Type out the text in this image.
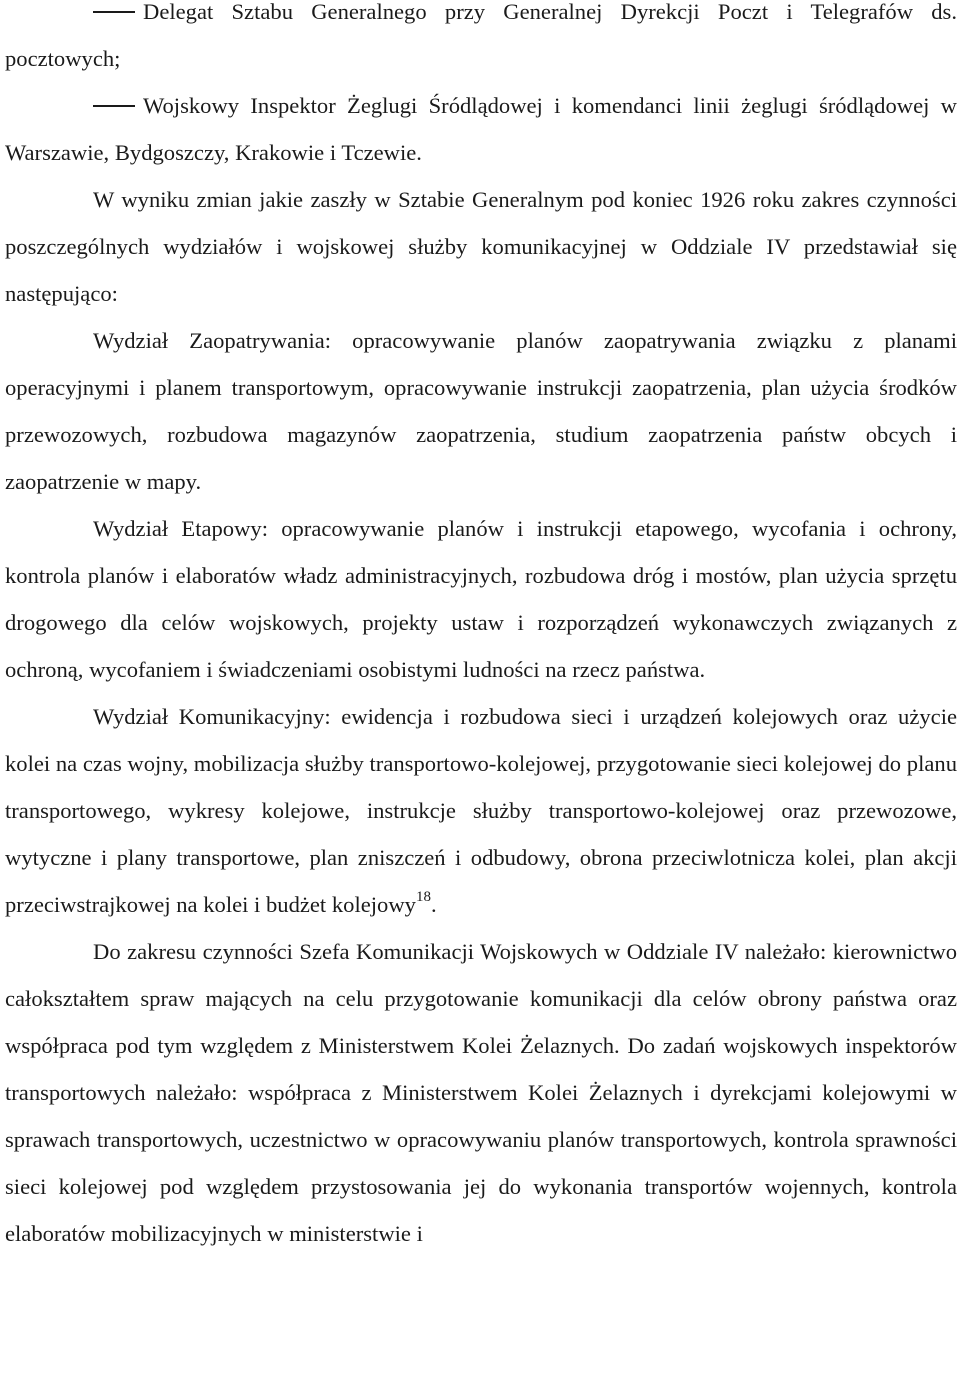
Delegat Sztabu Generalnego przy Generalnej Dyrekcji Poczt i Telegrafów ds. pocztowych;

Wojskowy Inspektor Żeglugi Śródlądowej i komendanci linii żeglugi śródlądowej w Warszawie, Bydgoszczy, Krakowie i Tczewie.

W wyniku zmian jakie zaszły w Sztabie Generalnym pod koniec 1926 roku zakres czynności poszczególnych wydziałów i wojskowej służby komunikacyjnej w Oddziale IV przedstawiał się następująco:

Wydział Zaopatrywania: opracowywanie planów zaopatrywania związku z planami operacyjnymi i planem transportowym, opracowywanie instrukcji zaopatrzenia, plan użycia środków przewozowych, rozbudowa magazynów zaopatrzenia, studium zaopatrzenia państw obcych i zaopatrzenie w mapy.

Wydział Etapowy: opracowywanie planów i instrukcji etapowego, wycofania i ochrony, kontrola planów i elaboratów władz administracyjnych, rozbudowa dróg i mostów, plan użycia sprzętu drogowego dla celów wojskowych, projekty ustaw i rozporządzeń wykonawczych związanych z ochroną, wycofaniem i świadczeniami osobistymi ludności na rzecz państwa.

Wydział Komunikacyjny: ewidencja i rozbudowa sieci i urządzeń kolejowych oraz użycie kolei na czas wojny, mobilizacja służby transportowo-kolejowej, przygotowanie sieci kolejowej do planu transportowego, wykresy kolejowe, instrukcje służby transportowo-kolejowej oraz przewozowe, wytyczne i plany transportowe, plan zniszczeń i odbudowy, obrona przeciwlotnicza kolei, plan akcji przeciwstrajkowej na kolei i budżet kolejowy$^{18}$.

Do zakresu czynności Szefa Komunikacji Wojskowych w Oddziale IV należało: kierownictwo całokształtem spraw mających na celu przygotowanie komunikacji dla celów obrony państwa oraz współpraca pod tym względem z Ministerstwem Kolei Żelaznych. Do zadań wojskowych inspektorów transportowych należało: współpraca z Ministerstwem Kolei Żelaznych i dyrekcjami kolejowymi w sprawach transportowych, uczestnictwo w opracowywaniu planów transportowych, kontrola sprawności sieci kolejowej pod względem przystosowania jej do wykonania transportów wojennych, kontrola elaboratów mobilizacyjnych w ministerstwie i
